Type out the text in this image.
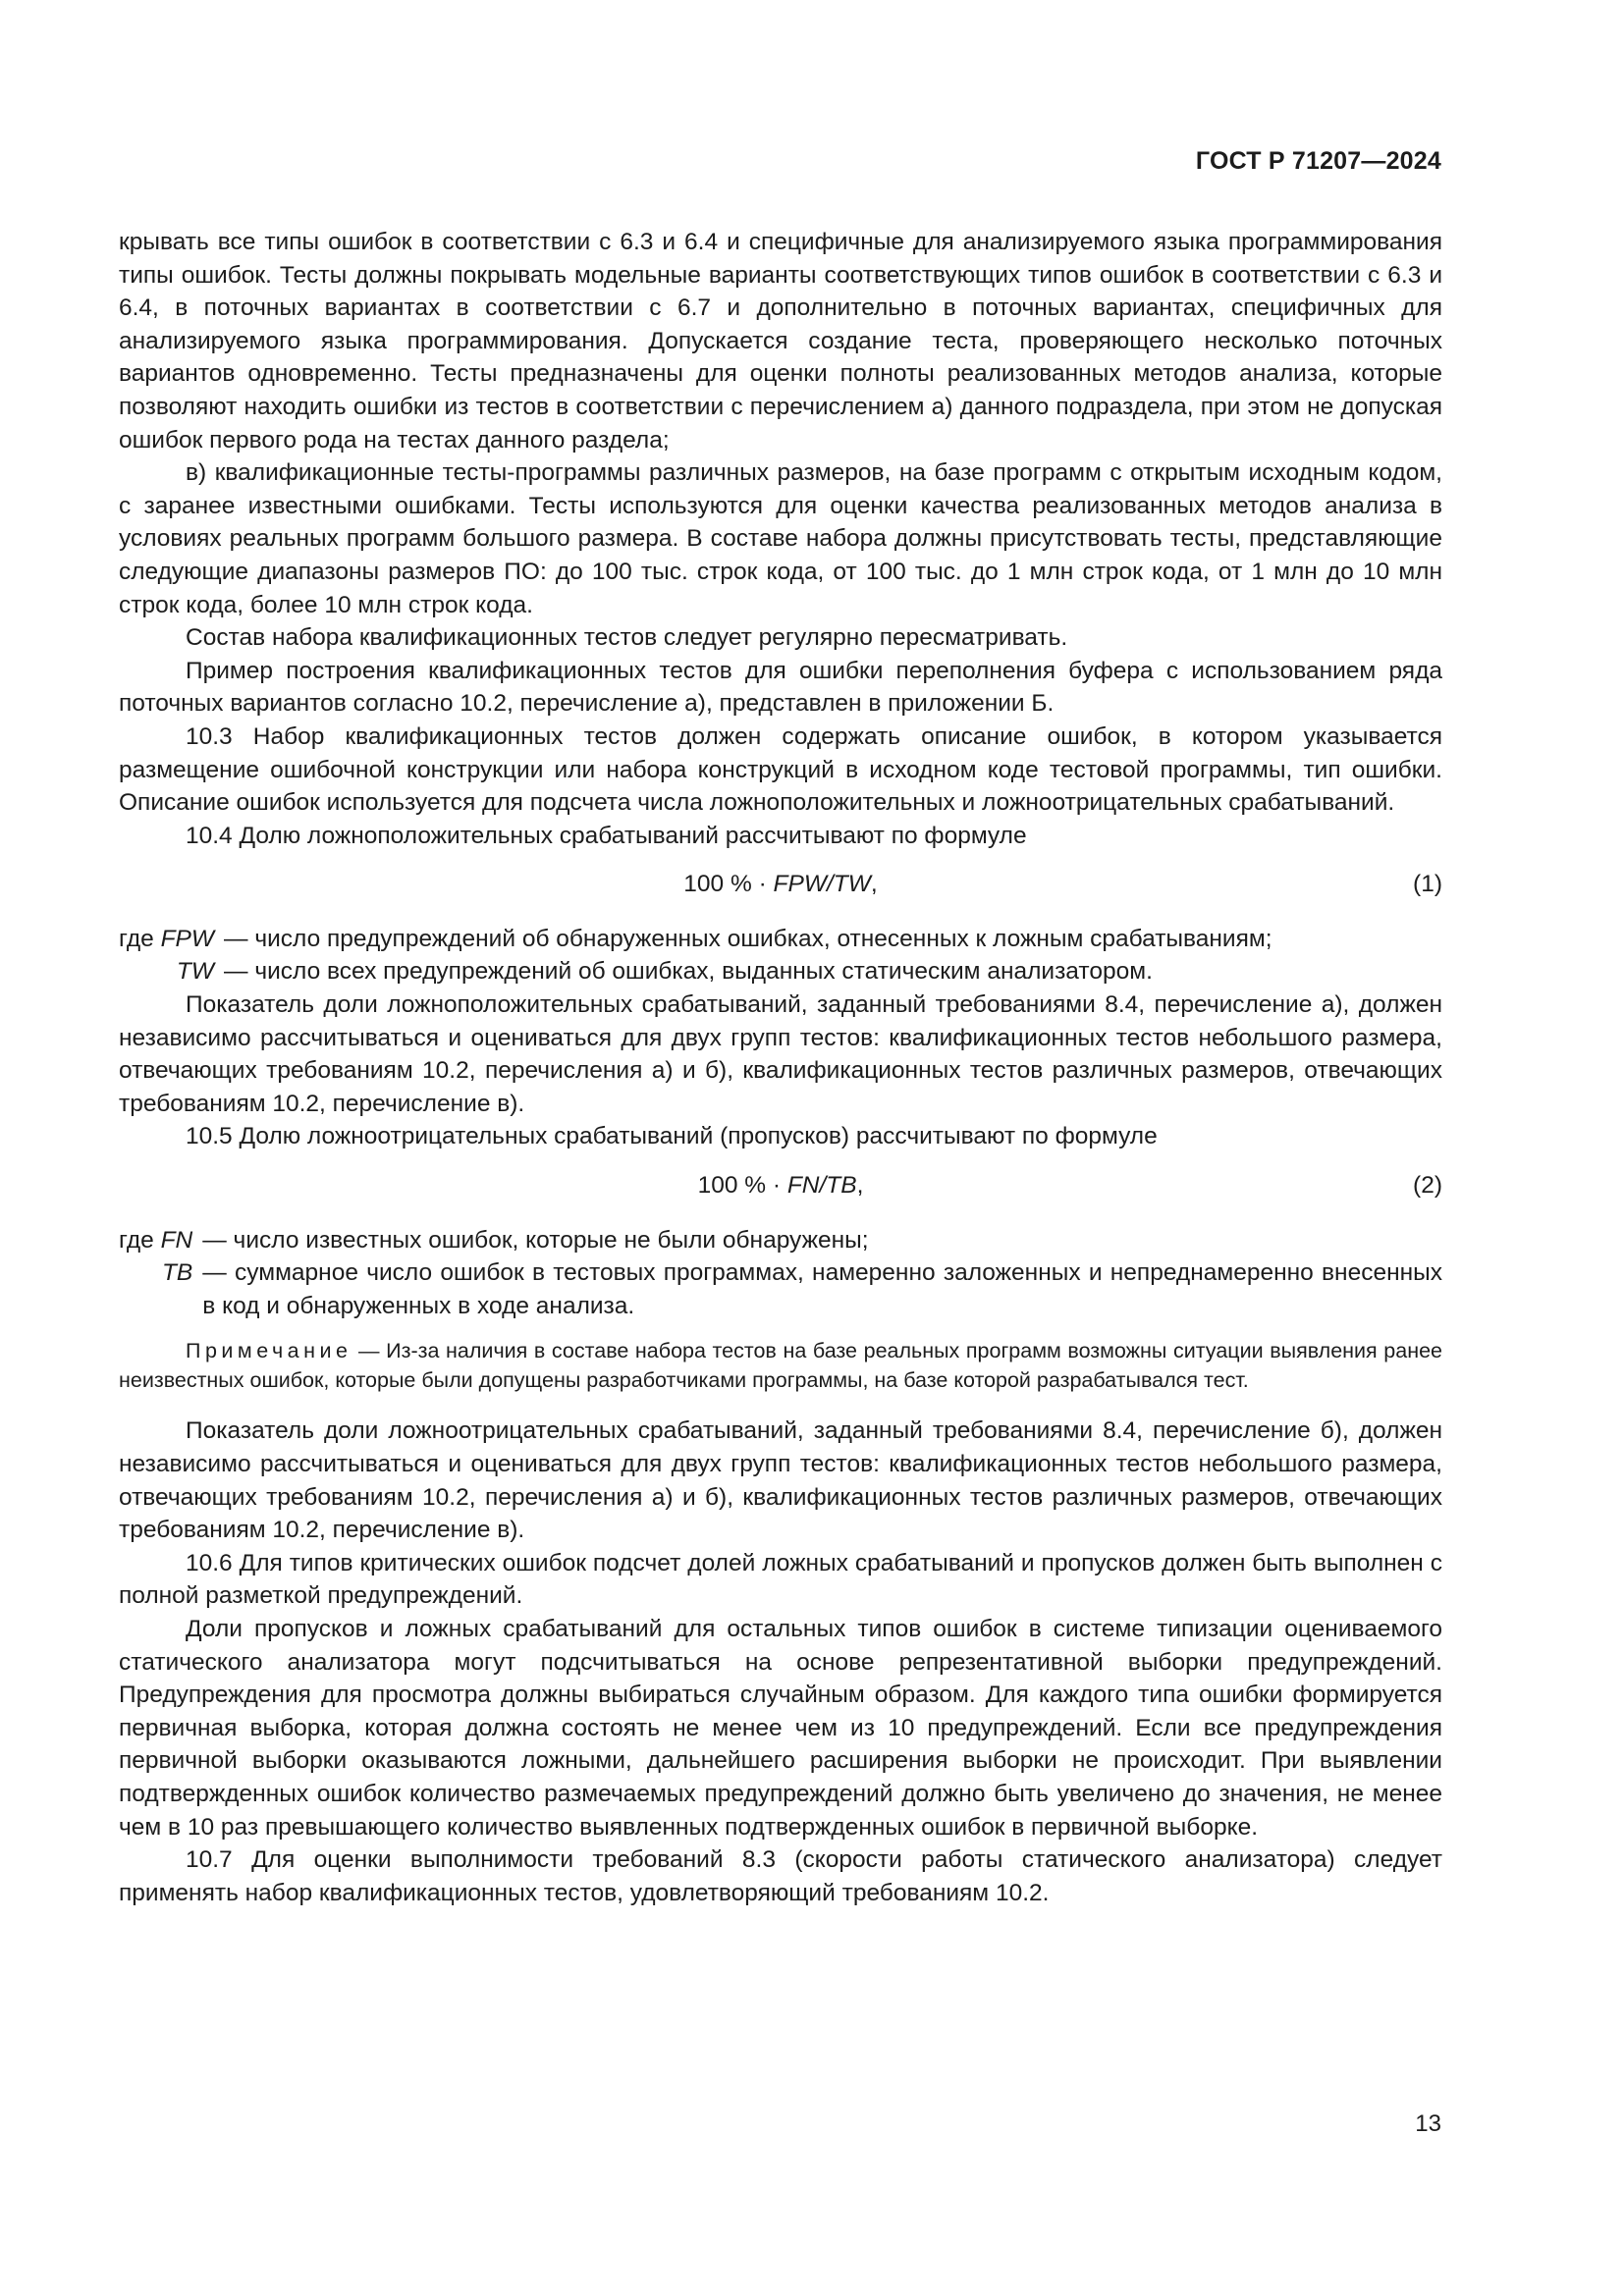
ГОСТ Р 71207—2024

крывать все типы ошибок в соответствии с 6.3 и 6.4 и специфичные для анализируемого языка программирования типы ошибок. Тесты должны покрывать модельные варианты соответствующих типов ошибок в соответствии с 6.3 и 6.4, в поточных вариантах в соответствии с 6.7 и дополнительно в поточных вариантах, специфичных для анализируемого языка программирования. Допускается создание теста, проверяющего несколько поточных вариантов одновременно. Тесты предназначены для оценки полноты реализованных методов анализа, которые позволяют находить ошибки из тестов в соответствии с перечислением а) данного подраздела, при этом не допуская ошибок первого рода на тестах данного раздела;

в) квалификационные тесты-программы различных размеров, на базе программ с открытым исходным кодом, с заранее известными ошибками. Тесты используются для оценки качества реализованных методов анализа в условиях реальных программ большого размера. В составе набора должны присутствовать тесты, представляющие следующие диапазоны размеров ПО: до 100 тыс. строк кода, от 100 тыс. до 1 млн строк кода, от 1 млн до 10 млн строк кода, более 10 млн строк кода.

Состав набора квалификационных тестов следует регулярно пересматривать.

Пример построения квалификационных тестов для ошибки переполнения буфера с использованием ряда поточных вариантов согласно 10.2, перечисление а), представлен в приложении Б.

10.3 Набор квалификационных тестов должен содержать описание ошибок, в котором указывается размещение ошибочной конструкции или набора конструкций в исходном коде тестовой программы, тип ошибки. Описание ошибок используется для подсчета числа ложноположительных и ложноотрицательных срабатываний.

10.4 Долю ложноположительных срабатываний рассчитывают по формуле

100 % · FPW/TW,	(1)
где FPW — число предупреждений об обнаруженных ошибках, отнесенных к ложным срабатываниям;
TW — число всех предупреждений об ошибках, выданных статическим анализатором.

Показатель доли ложноположительных срабатываний, заданный требованиями 8.4, перечисление а), должен независимо рассчитываться и оцениваться для двух групп тестов: квалификационных тестов небольшого размера, отвечающих требованиям 10.2, перечисления а) и б), квалификационных тестов различных размеров, отвечающих требованиям 10.2, перечисление в).

10.5 Долю ложноотрицательных срабатываний (пропусков) рассчитывают по формуле

100 % · FN/TB,	(2)
где FN — число известных ошибок, которые не были обнаружены;
TB — суммарное число ошибок в тестовых программах, намеренно заложенных и непреднамеренно внесенных в код и обнаруженных в ходе анализа.

Примечание — Из-за наличия в составе набора тестов на базе реальных программ возможны ситуации выявления ранее неизвестных ошибок, которые были допущены разработчиками программы, на базе которой разрабатывался тест.

Показатель доли ложноотрицательных срабатываний, заданный требованиями 8.4, перечисление б), должен независимо рассчитываться и оцениваться для двух групп тестов: квалификационных тестов небольшого размера, отвечающих требованиям 10.2, перечисления а) и б), квалификационных тестов различных размеров, отвечающих требованиям 10.2, перечисление в).

10.6 Для типов критических ошибок подсчет долей ложных срабатываний и пропусков должен быть выполнен с полной разметкой предупреждений.

Доли пропусков и ложных срабатываний для остальных типов ошибок в системе типизации оцениваемого статического анализатора могут подсчитываться на основе репрезентативной выборки предупреждений. Предупреждения для просмотра должны выбираться случайным образом. Для каждого типа ошибки формируется первичная выборка, которая должна состоять не менее чем из 10 предупреждений. Если все предупреждения первичной выборки оказываются ложными, дальнейшего расширения выборки не происходит. При выявлении подтвержденных ошибок количество размечаемых предупреждений должно быть увеличено до значения, не менее чем в 10 раз превышающего количество выявленных подтвержденных ошибок в первичной выборке.

10.7 Для оценки выполнимости требований 8.3 (скорости работы статического анализатора) следует применять набор квалификационных тестов, удовлетворяющий требованиям 10.2.

13
